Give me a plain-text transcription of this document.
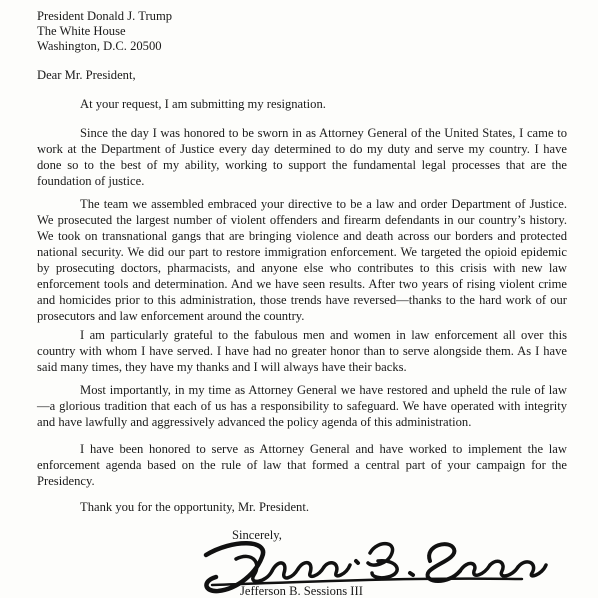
President Donald J. Trump
The White House
Washington, D.C. 20500
Dear Mr. President,
At your request, I am submitting my resignation.
Since the day I was honored to be sworn in as Attorney General of the United States, I came to work at the Department of Justice every day determined to do my duty and serve my country. I have done so to the best of my ability, working to support the fundamental legal processes that are the foundation of justice.
The team we assembled embraced your directive to be a law and order Department of Justice. We prosecuted the largest number of violent offenders and firearm defendants in our country’s history. We took on transnational gangs that are bringing violence and death across our borders and protected national security. We did our part to restore immigration enforcement. We targeted the opioid epidemic by prosecuting doctors, pharmacists, and anyone else who contributes to this crisis with new law enforcement tools and determination. And we have seen results. After two years of rising violent crime and homicides prior to this administration, those trends have reversed—thanks to the hard work of our prosecutors and law enforcement around the country.
I am particularly grateful to the fabulous men and women in law enforcement all over this country with whom I have served. I have had no greater honor than to serve alongside them. As I have said many times, they have my thanks and I will always have their backs.
Most importantly, in my time as Attorney General we have restored and upheld the rule of law—a glorious tradition that each of us has a responsibility to safeguard. We have operated with integrity and have lawfully and aggressively advanced the policy agenda of this administration.
I have been honored to serve as Attorney General and have worked to implement the law enforcement agenda based on the rule of law that formed a central part of your campaign for the Presidency.
Thank you for the opportunity, Mr. President.
Sincerely,
Jefferson B. Sessions III
